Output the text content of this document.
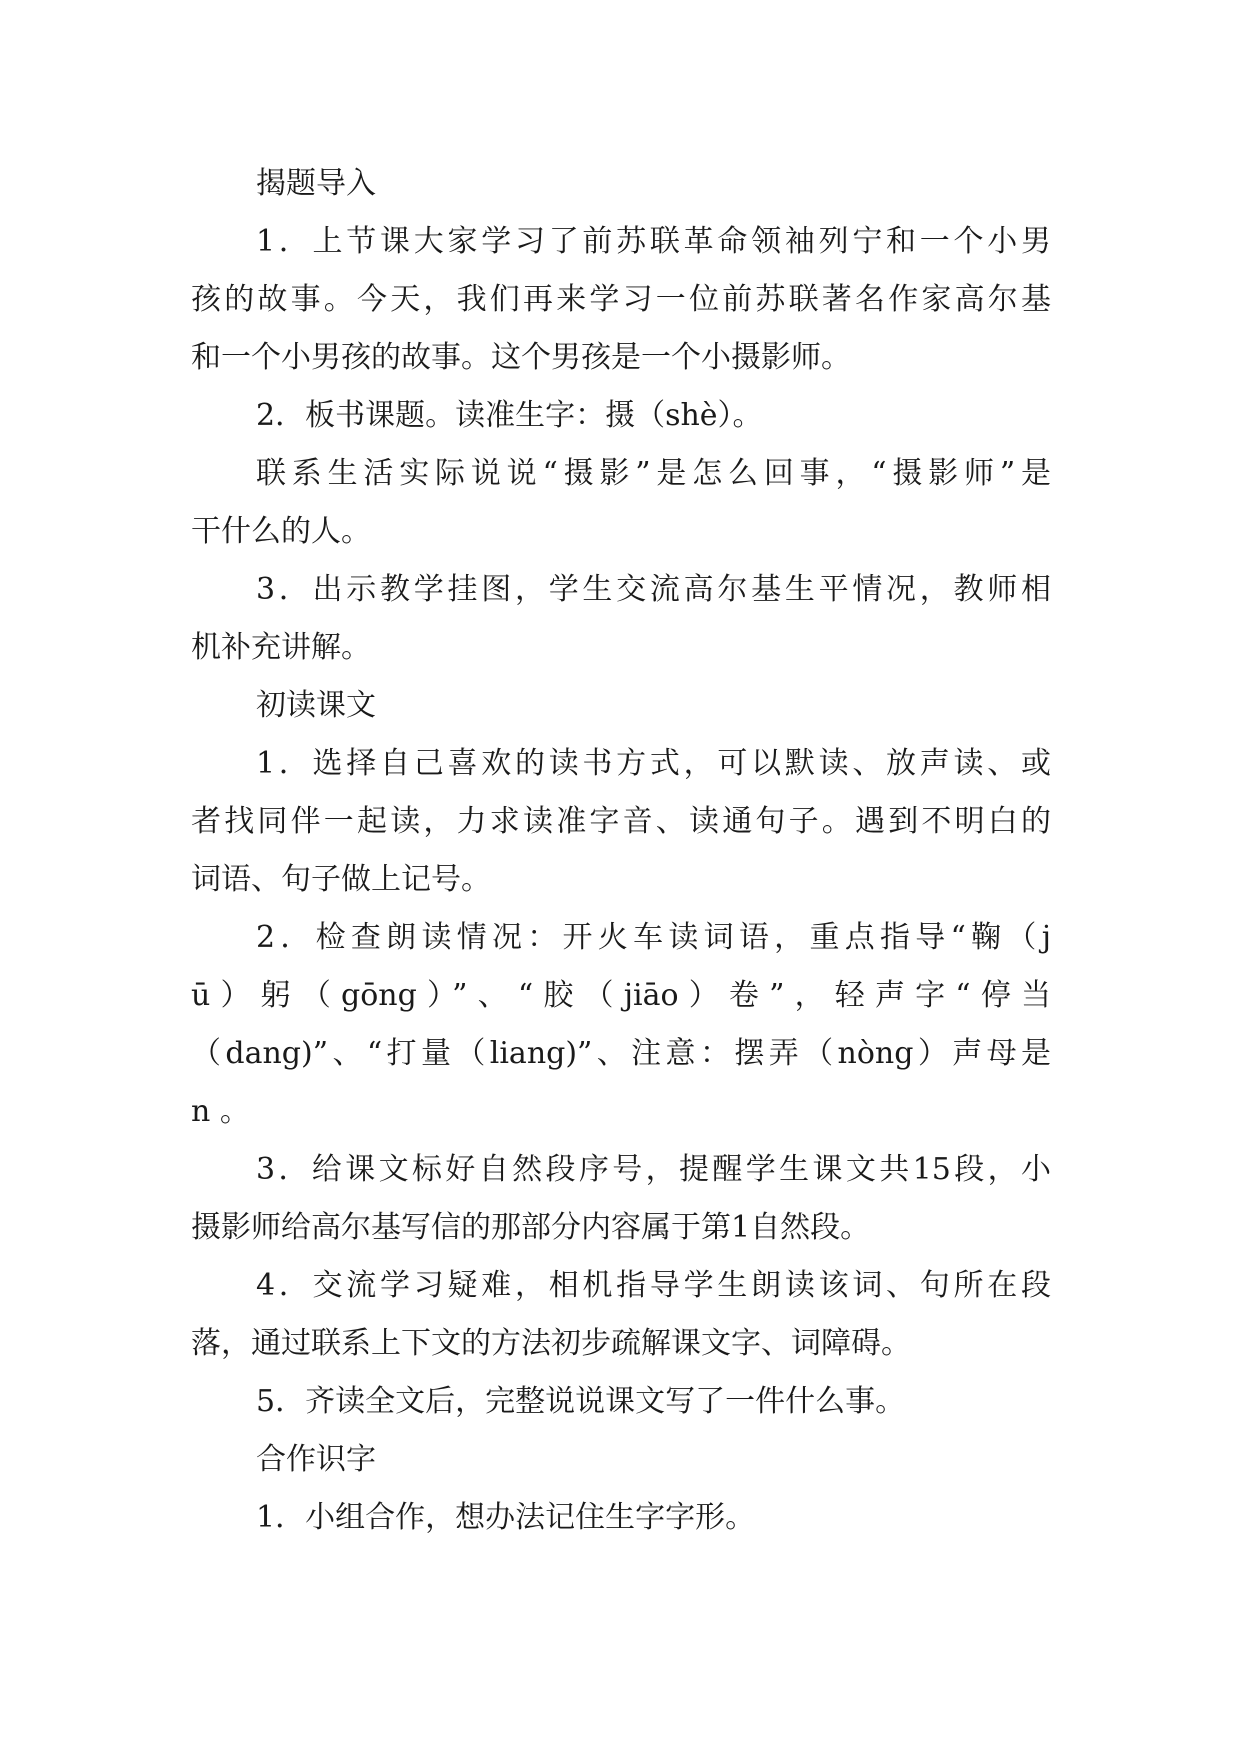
揭题导入
1．上节课大家学习了前苏联革命领袖列宁和一个小男
孩的故事。今天，我们再来学习一位前苏联著名作家高尔基
和一个小男孩的故事。这个男孩是一个小摄影师。
2．板书课题。读准生字：摄（shè）。
联系生活实际说说“摄影”是怎么回事，“摄影师”是
干什么的人。
3．出示教学挂图，学生交流高尔基生平情况，教师相
机补充讲解。
初读课文
1．选择自己喜欢的读书方式，可以默读、放声读、或
者找同伴一起读，力求读准字音、读通句子。遇到不明白的
词语、句子做上记号。
2．检查朗读情况：开火车读词语，重点指导“鞠（j
ū）躬（gōng）”、“胶（jiāo）卷”，轻声字“停当
（dang)”、“打量（liang)”、注意：摆弄（nòng）声母是
n 。
3．给课文标好自然段序号，提醒学生课文共15段，小
摄影师给高尔基写信的那部分内容属于第1自然段。
4．交流学习疑难，相机指导学生朗读该词、句所在段
落，通过联系上下文的方法初步疏解课文字、词障碍。
5．齐读全文后，完整说说课文写了一件什么事。
合作识字
1．小组合作，想办法记住生字字形。
